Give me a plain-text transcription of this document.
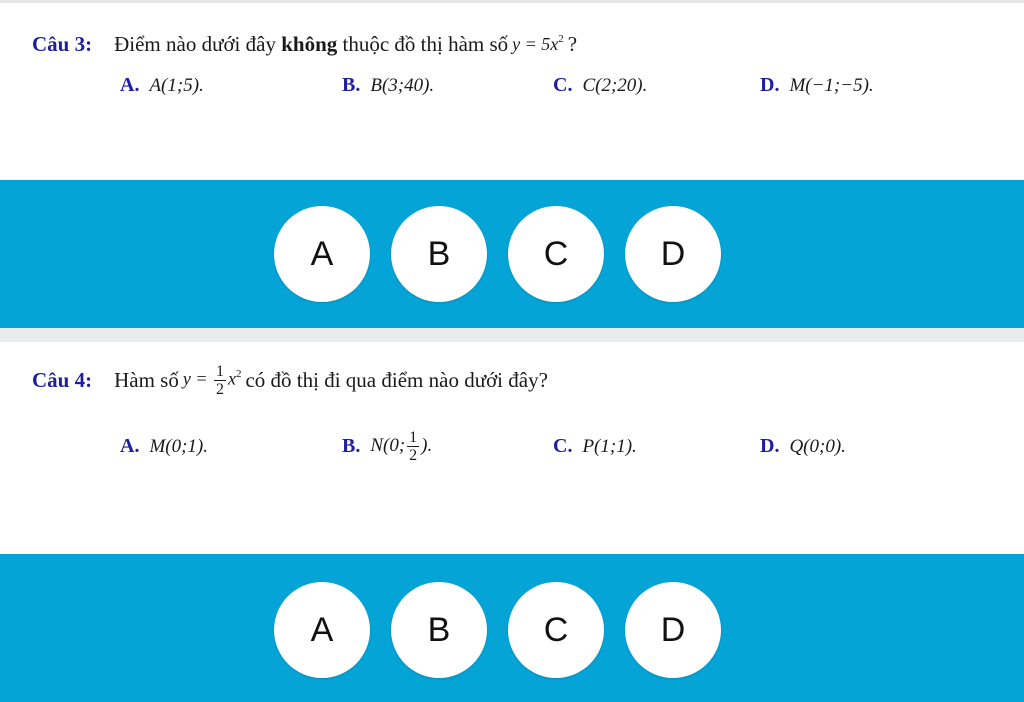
Câu 3: Điểm nào dưới đây không thuộc đồ thị hàm số $y = 5x^2$ ?
A. A(1;5).	B. B(3;40).	C. C(2;20).	D. M(−1;−5).
A	B	C	D
Câu 4: Hàm số $y = \frac{1}{2} x^2$ có đồ thị đi qua điểm nào dưới đây?
A. M(0;1).	B. N(0; $\frac{1}{2}$ ).	C. P(1;1).	D. Q(0;0).
A	B	C	D
